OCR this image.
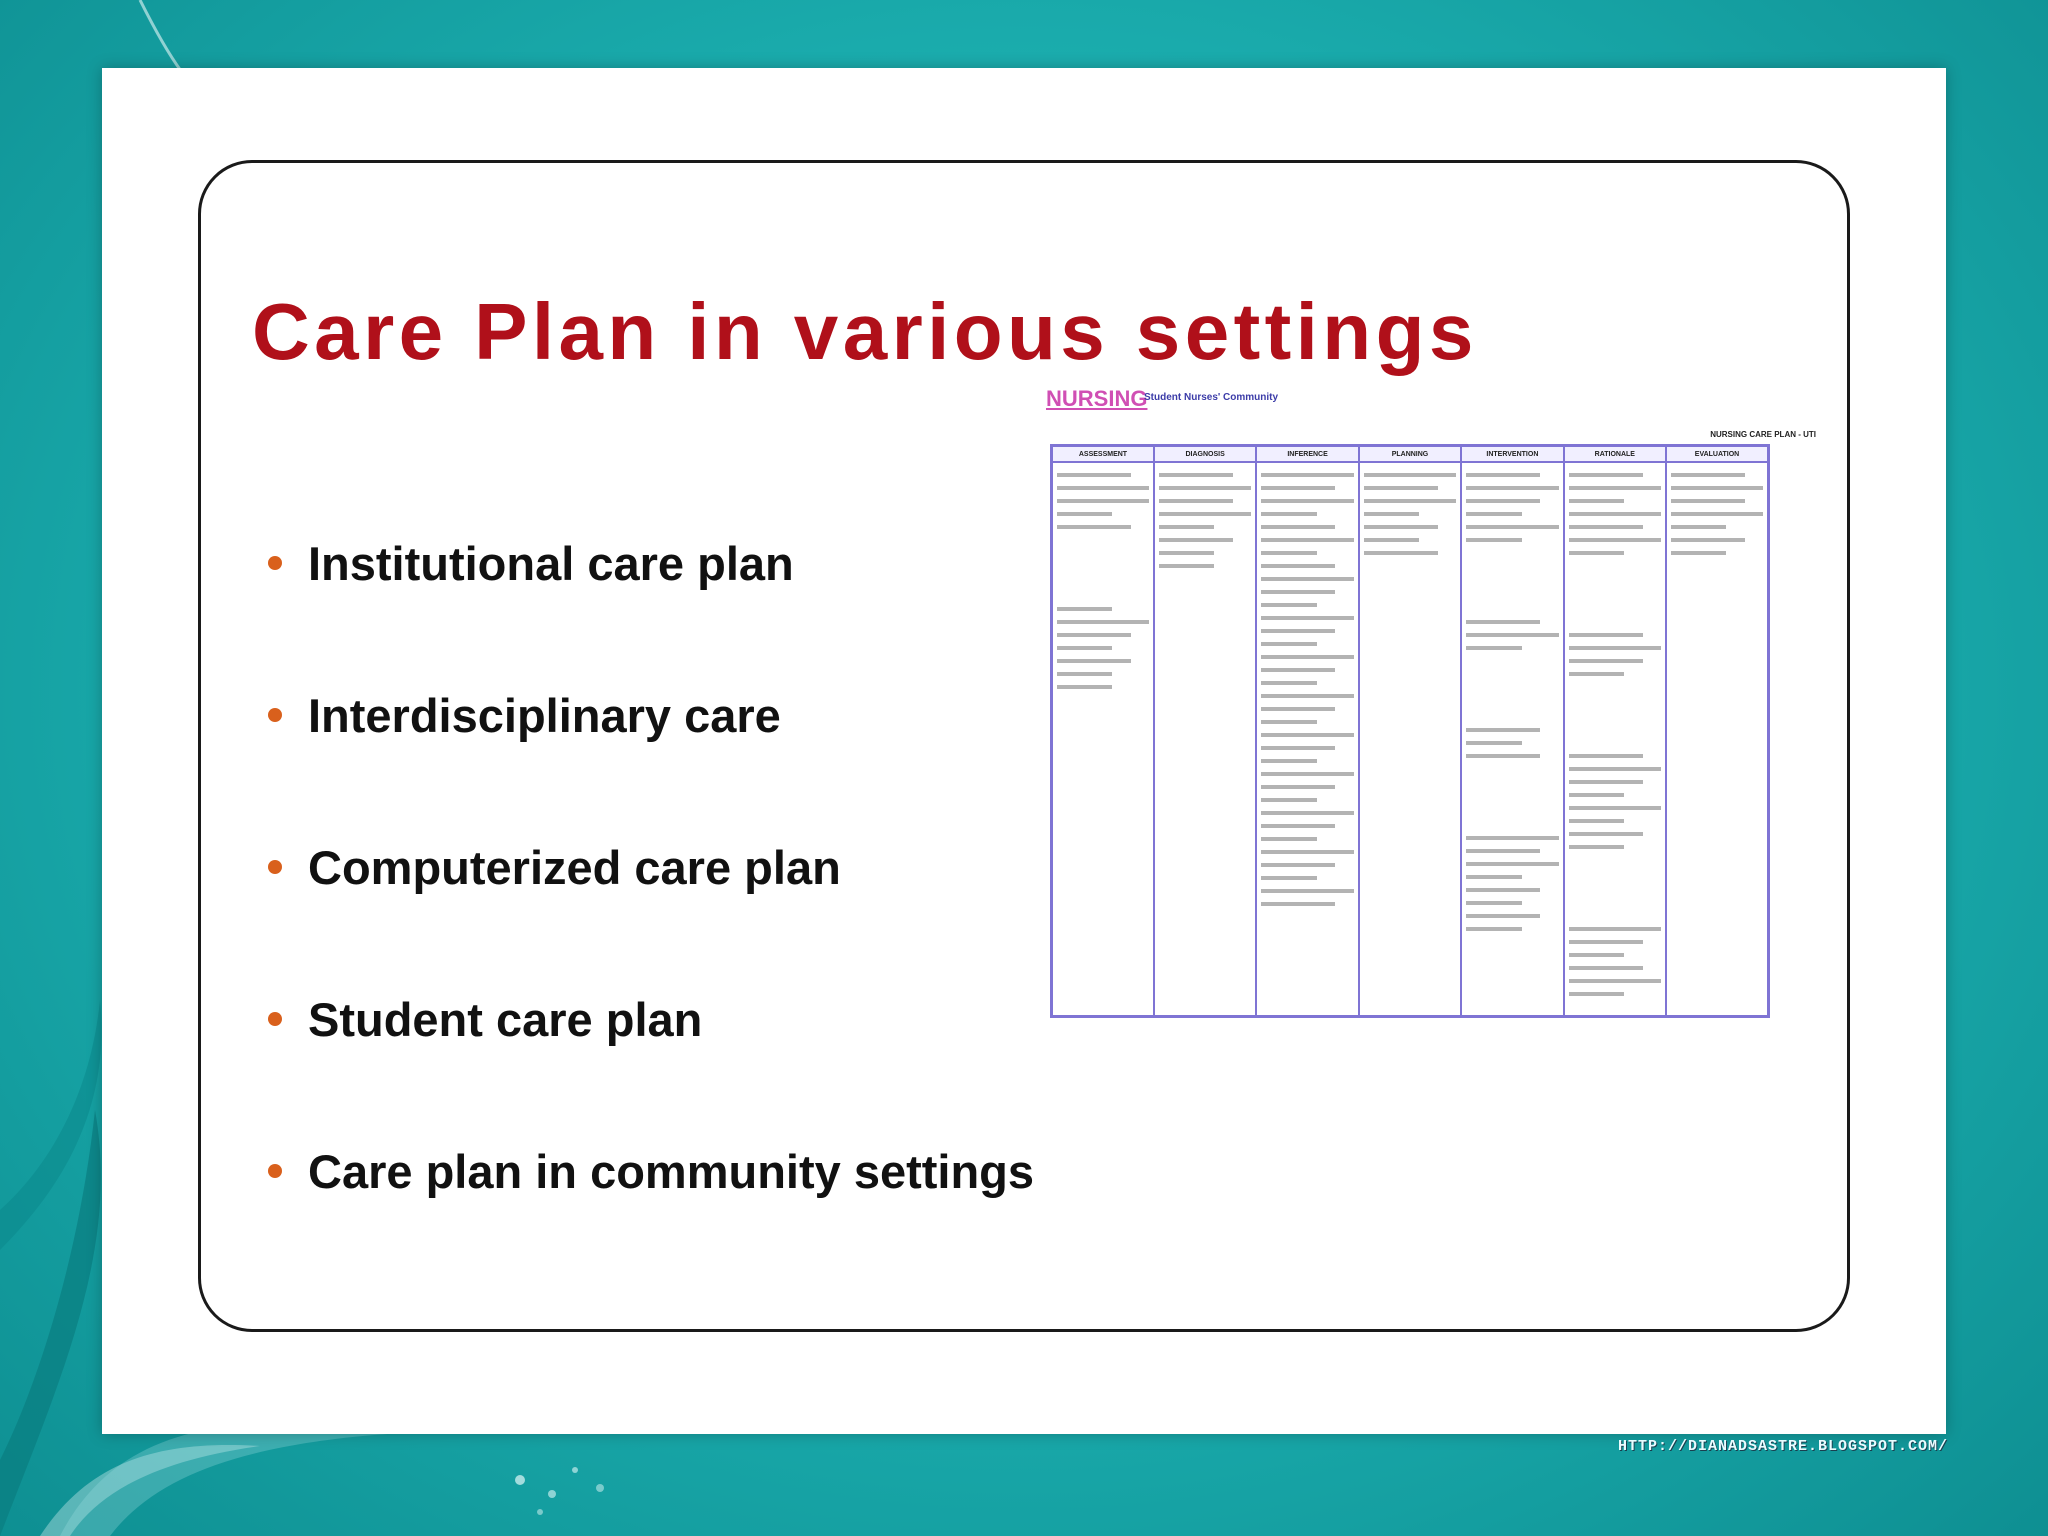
Care Plan in various settings
Institutional care plan
Interdisciplinary care
Computerized care plan
Student care plan
Care plan in community settings
NURSING
Student Nurses' Community
NURSING CARE PLAN - UTI
ASSESSMENT	DIAGNOSIS	INFERENCE	PLANNING	INTERVENTION	RATIONALE	EVALUATION

HTTP://DIANADSASTRE.BLOGSPOT.COM/
